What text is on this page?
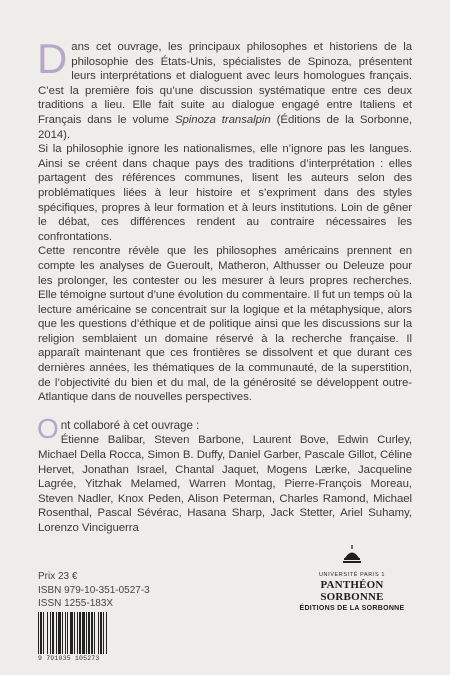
Dans cet ouvrage, les principaux philosophes et historiens de la philosophie des États-Unis, spécialistes de Spinoza, présentent leurs interprétations et dialoguent avec leurs homologues français. C’est la première fois qu’une discussion systématique entre ces deux traditions a lieu. Elle fait suite au dialogue engagé entre Italiens et Français dans le volume Spinoza transalpin (Éditions de la Sorbonne, 2014).

Si la philosophie ignore les nationalismes, elle n’ignore pas les langues. Ainsi se créent dans chaque pays des traditions d’interprétation : elles partagent des références communes, lisent les auteurs selon des problématiques liées à leur histoire et s’expriment dans des styles spécifiques, propres à leur formation et à leurs institutions. Loin de gêner le débat, ces différences rendent au contraire nécessaires les confrontations.

Cette rencontre révèle que les philosophes américains prennent en compte les analyses de Gueroult, Matheron, Althusser ou Deleuze pour les prolonger, les contester ou les mesurer à leurs propres recherches. Elle témoigne surtout d’une évolution du commentaire. Il fut un temps où la lecture américaine se concentrait sur la logique et la métaphysique, alors que les questions d’éthique et de politique ainsi que les discussions sur la religion semblaient un domaine réservé à la recherche française. Il apparaît maintenant que ces frontières se dissolvent et que durant ces dernières années, les thématiques de la communauté, de la superstition, de l’objectivité du bien et du mal, de la générosité se développent outre-Atlantique dans de nouvelles perspectives.

Ont collaboré à cet ouvrage :

Étienne Balibar, Steven Barbone, Laurent Bove, Edwin Curley, Michael Della Rocca, Simon B. Duffy, Daniel Garber, Pascale Gillot, Céline Hervet, Jonathan Israel, Chantal Jaquet, Mogens Lærke, Jacqueline Lagrée, Yitzhak Melamed, Warren Montag, Pierre-François Moreau, Steven Nadler, Knox Peden, Alison Peterman, Charles Ramond, Michael Rosenthal, Pascal Sévérac, Hasana Sharp, Jack Stetter, Ariel Suhamy, Lorenzo Vinciguerra

Prix 23 €
ISBN 979-10-351-0527-3
ISSN 1255-183X
9 791035 105273
UNIVERSITÉ PARIS 1
PANTHÉON SORBONNE
ÉDITIONS DE LA SORBONNE
